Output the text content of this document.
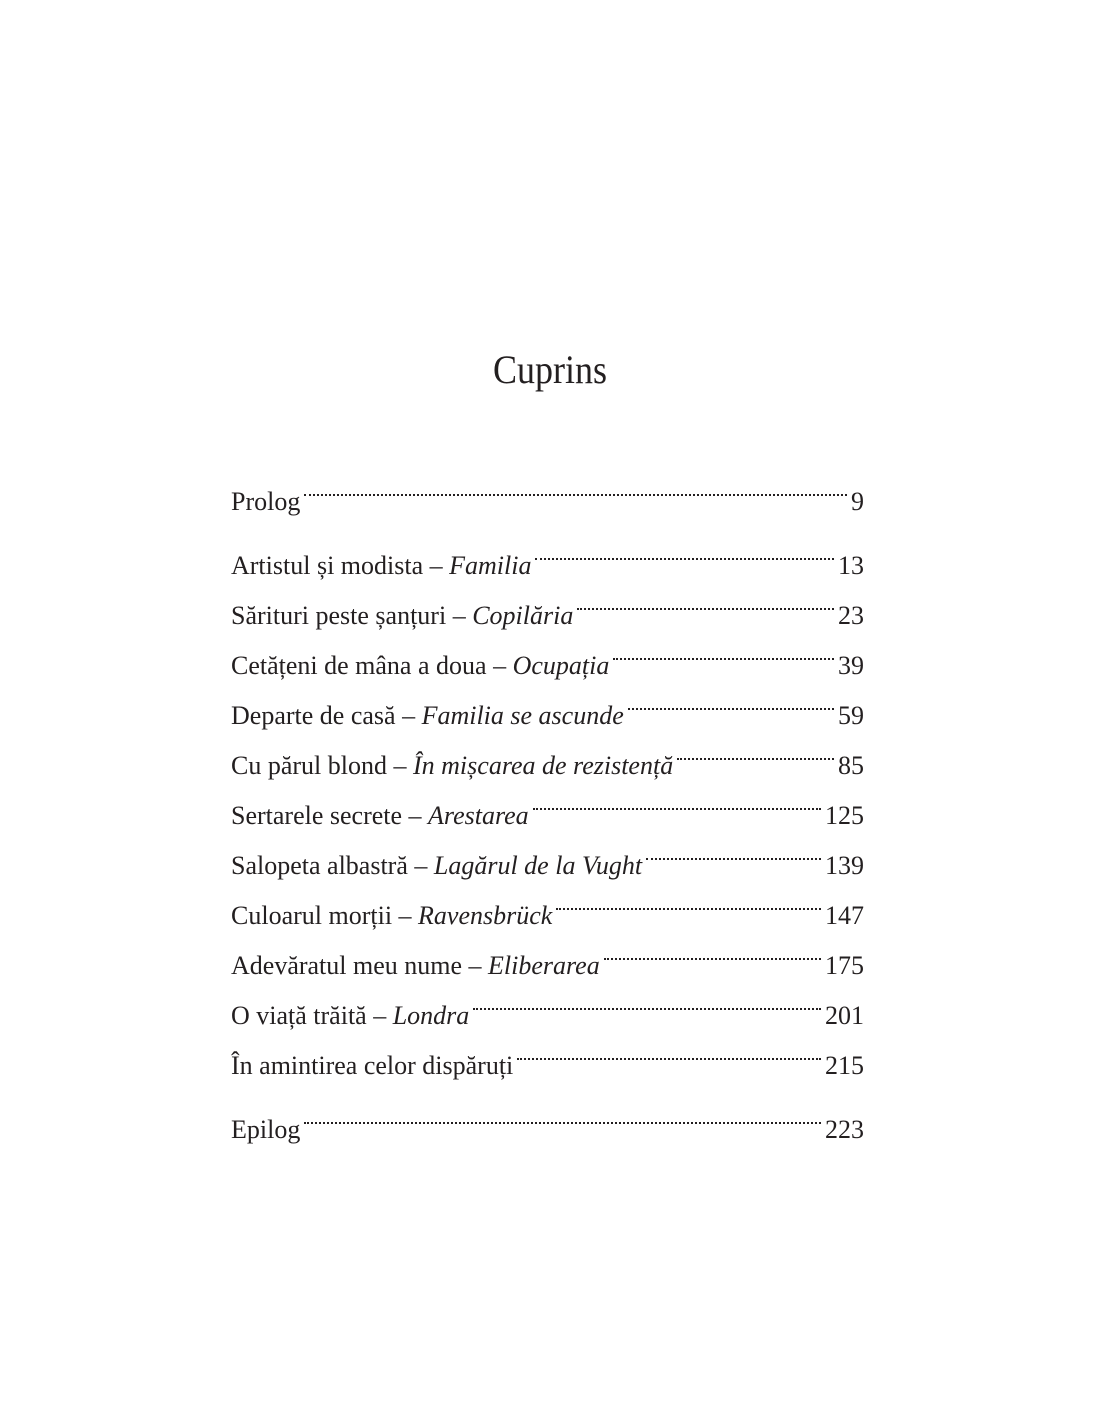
Cuprins
Prolog	9
Artistul și modista – Familia	13
Sărituri peste șanțuri – Copilăria	23
Cetățeni de mâna a doua – Ocupația	39
Departe de casă – Familia se ascunde	59
Cu părul blond – În mișcarea de rezistență	85
Sertarele secrete – Arestarea	125
Salopeta albastră – Lagărul de la Vught	139
Culoarul morții – Ravensbrück	147
Adevăratul meu nume – Eliberarea	175
O viață trăită – Londra	201
În amintirea celor dispăruți	215
Epilog	223
